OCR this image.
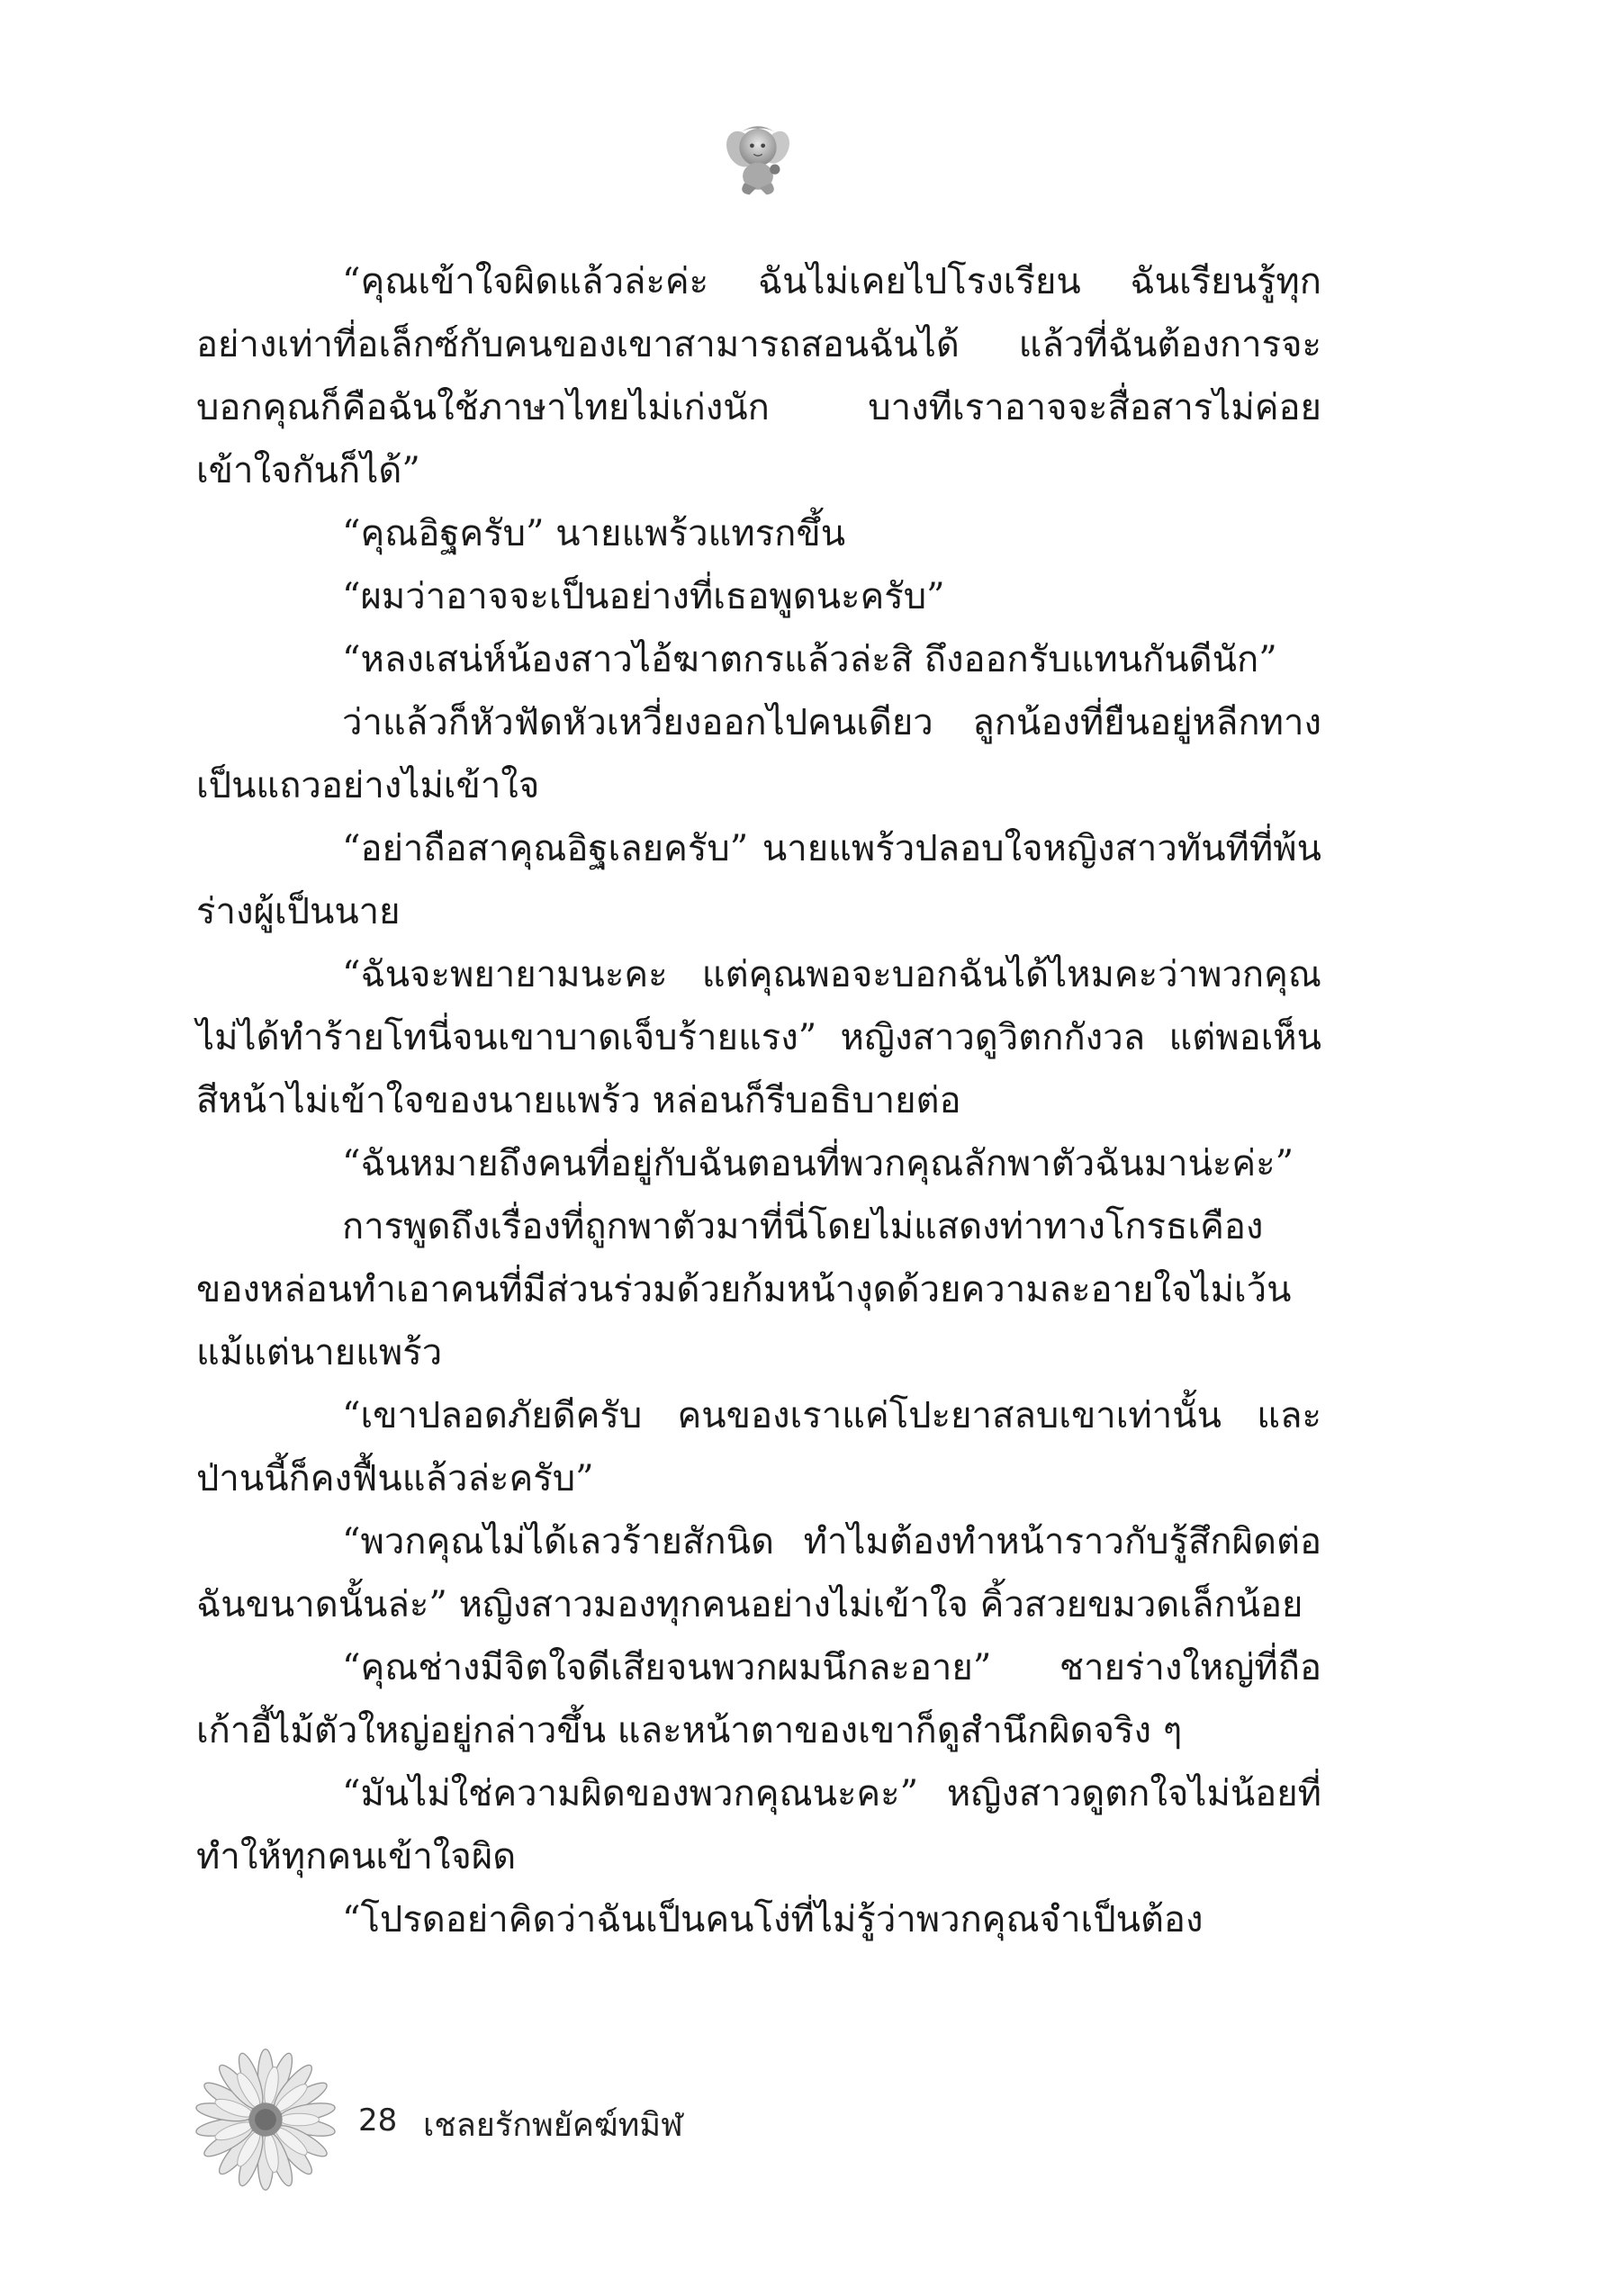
“คุณเข้าใจผิดแล้วล่ะค่ะ ฉันไม่เคยไปโรงเรียน ฉันเรียนรู้ทุกอย่างเท่าที่อเล็กซ์กับคนของเขาสามารถสอนฉันได้ แล้วที่ฉันต้องการจะบอกคุณก็คือฉันใช้ภาษาไทยไม่เก่งนัก บางทีเราอาจจะสื่อสารไม่ค่อยเข้าใจกันก็ได้”

“คุณอิฐครับ” นายแพร้วแทรกขึ้น

“ผมว่าอาจจะเป็นอย่างที่เธอพูดนะครับ”

“หลงเสน่ห์น้องสาวไอ้ฆาตกรแล้วล่ะสิ ถึงออกรับแทนกันดีนัก”

ว่าแล้วก็หัวฟัดหัวเหวี่ยงออกไปคนเดียว ลูกน้องที่ยืนอยู่หลีกทางเป็นแถวอย่างไม่เข้าใจ

“อย่าถือสาคุณอิฐเลยครับ” นายแพร้วปลอบใจหญิงสาวทันทีที่พ้นร่างผู้เป็นนาย

“ฉันจะพยายามนะคะ แต่คุณพอจะบอกฉันได้ไหมคะว่าพวกคุณไม่ได้ทำร้ายโทนี่จนเขาบาดเจ็บร้ายแรง” หญิงสาวดูวิตกกังวล แต่พอเห็นสีหน้าไม่เข้าใจของนายแพร้ว หล่อนก็รีบอธิบายต่อ

“ฉันหมายถึงคนที่อยู่กับฉันตอนที่พวกคุณลักพาตัวฉันมาน่ะค่ะ”

การพูดถึงเรื่องที่ถูกพาตัวมาที่นี่โดยไม่แสดงท่าทางโกรธเคืองของหล่อนทำเอาคนที่มีส่วนร่วมด้วยก้มหน้างุดด้วยความละอายใจไม่เว้นแม้แต่นายแพร้ว

“เขาปลอดภัยดีครับ คนของเราแค่โปะยาสลบเขาเท่านั้น และป่านนี้ก็คงฟื้นแล้วล่ะครับ”

“พวกคุณไม่ได้เลวร้ายสักนิด ทำไมต้องทำหน้าราวกับรู้สึกผิดต่อฉันขนาดนั้นล่ะ” หญิงสาวมองทุกคนอย่างไม่เข้าใจ คิ้วสวยขมวดเล็กน้อย

“คุณช่างมีจิตใจดีเสียจนพวกผมนึกละอาย” ชายร่างใหญ่ที่ถือเก้าอี้ไม้ตัวใหญ่อยู่กล่าวขึ้น และหน้าตาของเขาก็ดูสำนึกผิดจริง ๆ

“มันไม่ใช่ความผิดของพวกคุณนะคะ” หญิงสาวดูตกใจไม่น้อยที่ทำให้ทุกคนเข้าใจผิด

“โปรดอย่าคิดว่าฉันเป็นคนโง่ที่ไม่รู้ว่าพวกคุณจำเป็นต้อง

28 เชลยรักพยัคฆ์ทมิฬ
